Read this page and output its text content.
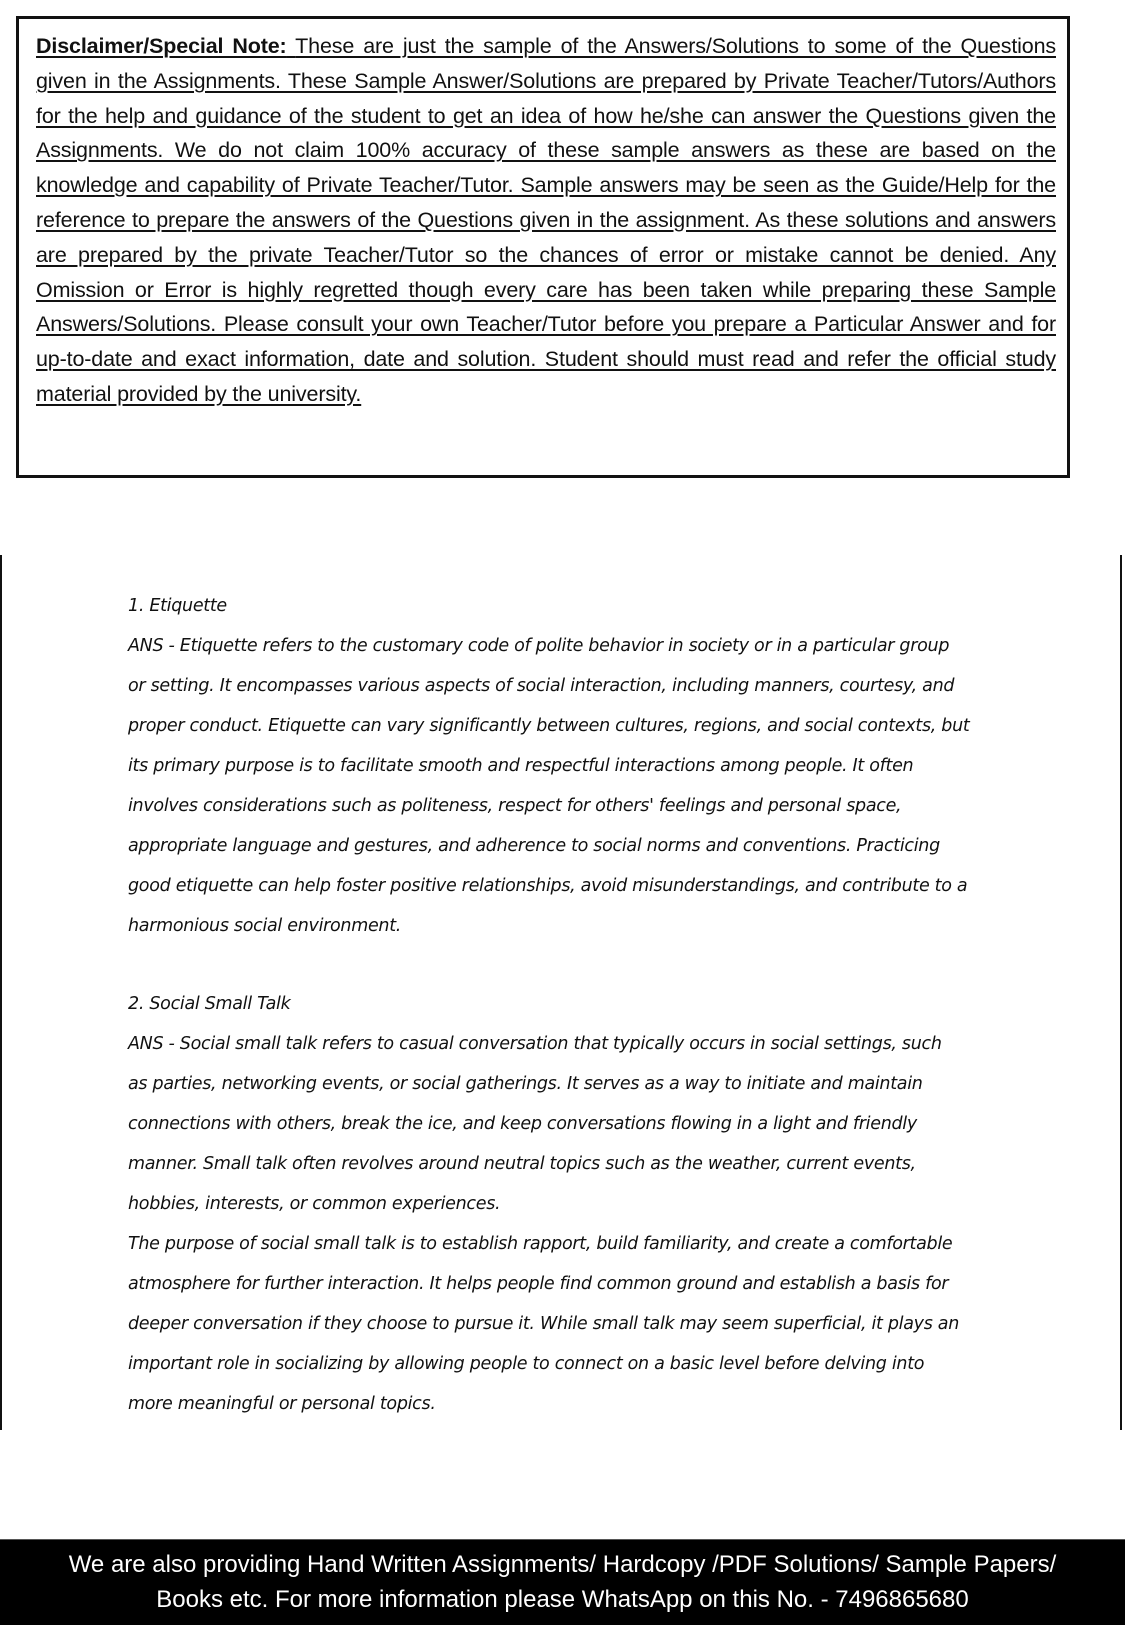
Disclaimer/Special Note: These are just the sample of the Answers/Solutions to some of the Questions given in the Assignments. These Sample Answer/Solutions are prepared by Private Teacher/Tutors/Authors for the help and guidance of the student to get an idea of how he/she can answer the Questions given the Assignments. We do not claim 100% accuracy of these sample answers as these are based on the knowledge and capability of Private Teacher/Tutor. Sample answers may be seen as the Guide/Help for the reference to prepare the answers of the Questions given in the assignment. As these solutions and answers are prepared by the private Teacher/Tutor so the chances of error or mistake cannot be denied. Any Omission or Error is highly regretted though every care has been taken while preparing these Sample Answers/Solutions. Please consult your own Teacher/Tutor before you prepare a Particular Answer and for up-to-date and exact information, date and solution. Student should must read and refer the official study material provided by the university.
1. Etiquette
ANS - Etiquette refers to the customary code of polite behavior in society or in a particular group
or setting. It encompasses various aspects of social interaction, including manners, courtesy, and
proper conduct. Etiquette can vary significantly between cultures, regions, and social contexts, but
its primary purpose is to facilitate smooth and respectful interactions among people. It often
involves considerations such as politeness, respect for others' feelings and personal space,
appropriate language and gestures, and adherence to social norms and conventions. Practicing
good etiquette can help foster positive relationships, avoid misunderstandings, and contribute to a
harmonious social environment.
2. Social Small Talk
ANS - Social small talk refers to casual conversation that typically occurs in social settings, such
as parties, networking events, or social gatherings. It serves as a way to initiate and maintain
connections with others, break the ice, and keep conversations flowing in a light and friendly
manner. Small talk often revolves around neutral topics such as the weather, current events,
hobbies, interests, or common experiences.
The purpose of social small talk is to establish rapport, build familiarity, and create a comfortable
atmosphere for further interaction. It helps people find common ground and establish a basis for
deeper conversation if they choose to pursue it. While small talk may seem superficial, it plays an
important role in socializing by allowing people to connect on a basic level before delving into
more meaningful or personal topics.
We are also providing Hand Written Assignments/ Hardcopy /PDF Solutions/ Sample Papers/
Books etc. For more information please WhatsApp on this No. - 7496865680
